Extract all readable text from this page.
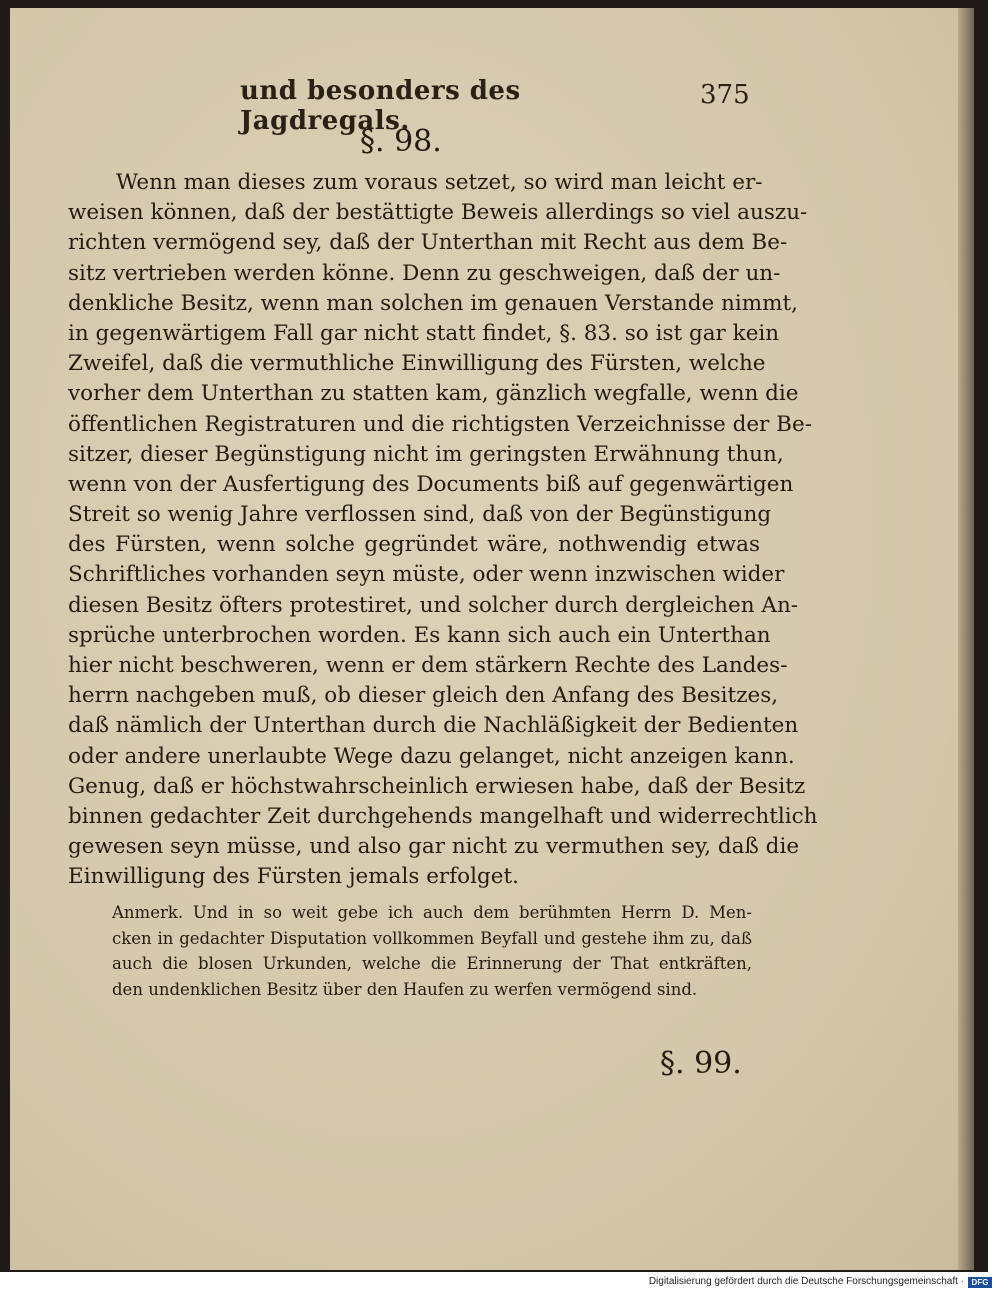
und besonders des Jagdregals.
375
§. 98.
Wenn man dieses zum voraus setzet, so wird man leicht er-
weisen können, daß der bestättigte Beweis allerdings so viel auszu-
richten vermögend sey, daß der Unterthan mit Recht aus dem Be-
sitz vertrieben werden könne. Denn zu geschweigen, daß der un-
denkliche Besitz, wenn man solchen im genauen Verstande nimmt,
in gegenwärtigem Fall gar nicht statt findet, §. 83. so ist gar kein
Zweifel, daß die vermuthliche Einwilligung des Fürsten, welche
vorher dem Unterthan zu statten kam, gänzlich wegfalle, wenn die
öffentlichen Registraturen und die richtigsten Verzeichnisse der Be-
sitzer, dieser Begünstigung nicht im geringsten Erwähnung thun,
wenn von der Ausfertigung des Documents biß auf gegenwärtigen
Streit so wenig Jahre verflossen sind, daß von der Begünstigung
des Fürsten, wenn solche gegründet wäre, nothwendig etwas
Schriftliches vorhanden seyn müste, oder wenn inzwischen wider
diesen Besitz öfters protestiret, und solcher durch dergleichen An-
sprüche unterbrochen worden. Es kann sich auch ein Unterthan
hier nicht beschweren, wenn er dem stärkern Rechte des Landes-
herrn nachgeben muß, ob dieser gleich den Anfang des Besitzes,
daß nämlich der Unterthan durch die Nachläßigkeit der Bedienten
oder andere unerlaubte Wege dazu gelanget, nicht anzeigen kann.
Genug, daß er höchstwahrscheinlich erwiesen habe, daß der Besitz
binnen gedachter Zeit durchgehends mangelhaft und widerrechtlich
gewesen seyn müsse, und also gar nicht zu vermuthen sey, daß die
Einwilligung des Fürsten jemals erfolget.
Anmerk. Und in so weit gebe ich auch dem berühmten Herrn D. Men-
cken in gedachter Disputation vollkommen Beyfall und gestehe ihm zu, daß
auch die blosen Urkunden, welche die Erinnerung der That entkräften,
den undenklichen Besitz über den Haufen zu werfen vermögend sind.
§. 99.
Digitalisierung gefördert durch die Deutsche Forschungsgemeinschaft · DFG
